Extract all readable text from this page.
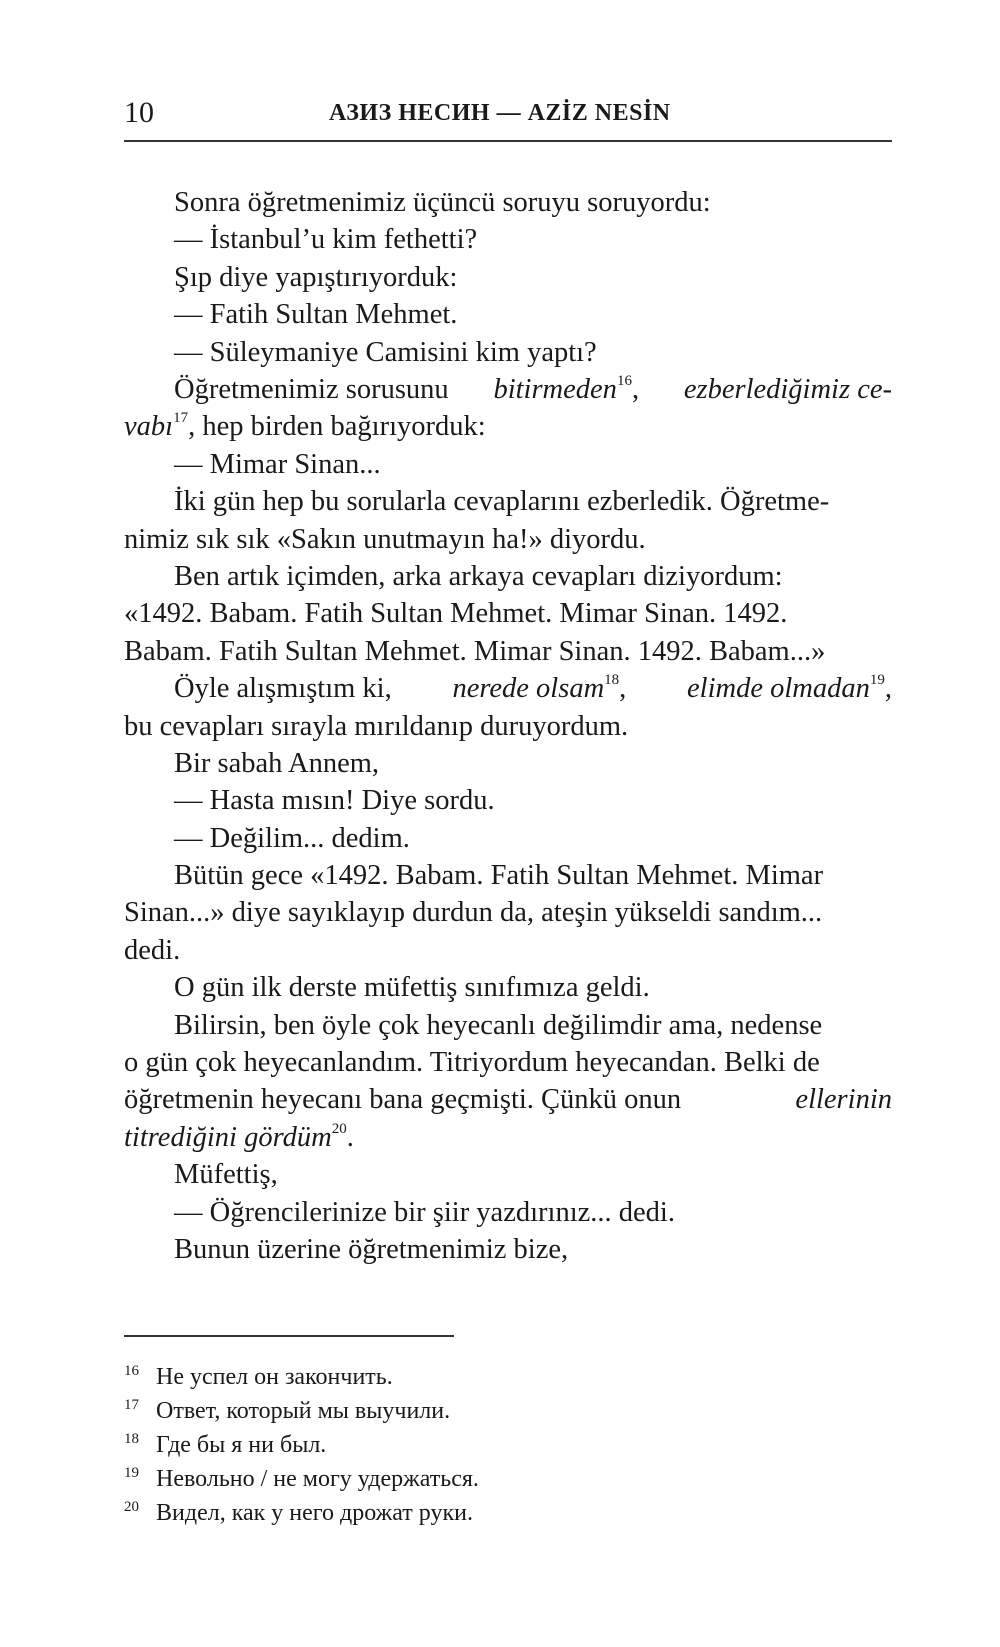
10	АЗИЗ НЕСИН — AZİZ NESİN
Sonra öğretmenimiz üçüncü soruyu soruyordu:
— İstanbul’u kim fethetti?
Şıp diye yapıştırıyorduk:
— Fatih Sultan Mehmet.
— Süleymaniye Camisini kim yaptı?
Öğretmenimiz sorusunu bitirmeden$^{16}$, ezberlediğimiz ce-
vabı$^{17}$, hep birden bağırıyorduk:
— Mimar Sinan...
İki gün hep bu sorularla cevaplarını ezberledik. Öğretme-
nimiz sık sık «Sakın unutmayın ha!» diyordu.
Ben artık içimden, arka arkaya cevapları diziyordum:
«1492. Babam. Fatih Sultan Mehmet. Mimar Sinan. 1492.
Babam. Fatih Sultan Mehmet. Mimar Sinan. 1492. Babam...»
Öyle alışmıştım ki, nerede olsam$^{18}$, elimde olmadan$^{19}$,
bu cevapları sırayla mırıldanıp duruyordum.
Bir sabah Annem,
— Hasta mısın! Diye sordu.
— Değilim... dedim.
Bütün gece «1492. Babam. Fatih Sultan Mehmet. Mimar
Sinan...» diye sayıklayıp durdun da, ateşin yükseldi sandım...
dedi.
O gün ilk derste müfettiş sınıfımıza geldi.
Bilirsin, ben öyle çok heyecanlı değilimdir ama, nedense
o gün çok heyecanlandım. Titriyordum heyecandan. Belki de
öğretmenin heyecanı bana geçmişti. Çünkü onun	ellerinin
titrediğini gördüm$^{20}$.
Müfettiş,
— Öğrencilerinize bir şiir yazdırınız... dedi.
Bunun üzerine öğretmenimiz bize,
16 Не успел он закончить.
17 Ответ, который мы выучили.
18 Где бы я ни был.
19 Невольно / не могу удержаться.
20 Видел, как у него дрожат руки.
